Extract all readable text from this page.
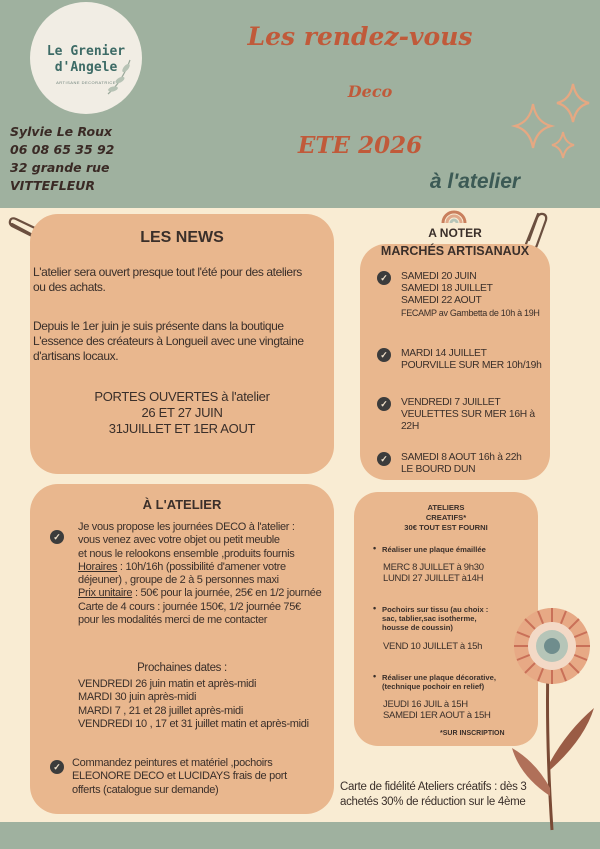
Le Grenier
d'Angele
ARTISANE DECORATRICE
Les rendez-vous
Deco
ETE 2026
à l'atelier
Sylvie Le Roux
06 08 65 35 92
32 grande rue
VITTEFLEUR
LES NEWS
L'atelier sera ouvert presque tout l'été pour des ateliers
ou des achats.
Depuis le 1er juin je suis présente dans la boutique
L'essence des créateurs à Longueil avec une vingtaine
d'artisans locaux.
PORTES OUVERTES à l'atelier
26 ET 27 JUIN
31JUILLET ET 1ER AOUT
A NOTER
MARCHÉS ARTISANAUX
✓	SAMEDI 20 JUIN
SAMEDI 18 JUILLET
SAMEDI 22 AOUT
FECAMP av Gambetta de 10h à 19H
✓	MARDI 14 JUILLET
POURVILLE SUR MER 10h/19h
✓	VENDREDI 7 JUILLET
VEULETTES SUR MER 16H à 22H
✓	SAMEDI 8 AOUT 16h à 22h
LE BOURD DUN
À L'ATELIER
✓
Je vous propose les journées DECO à l'atelier :
vous venez avec votre objet ou petit meuble
et nous le relookons ensemble ,produits fournis
Horaires : 10h/16h (possibilité d'amener votre
déjeuner) , groupe de 2 à 5 personnes maxi
Prix unitaire : 50€ pour la journée, 25€ en 1/2 journée
Carte de 4 cours : journée 150€, 1/2 journée 75€
pour les modalités merci de me contacter
Prochaines dates :
VENDREDI 26 juin matin et après-midi
MARDI 30 juin après-midi
MARDI 7 , 21 et 28 juillet après-midi
VENDREDI 10 , 17 et 31 juillet matin et après-midi
✓ Commandez peintures et matériel ,pochoirs
ELEONORE DECO et LUCIDAYS frais de port
offerts (catalogue sur demande)
ATELIERS
CREATIFS*
30€ TOUT EST FOURNI
• Réaliser une plaque émaillée
MERC 8 JUILLET à 9h30
LUNDI 27 JUILLET à14H
• Pochoirs sur tissu (au choix :
sac, tablier,sac isotherme,
housse de coussin)
VEND 10 JUILLET à 15h
• Réaliser une plaque décorative,
(technique pochoir en relief)
JEUDI 16 JUIL à 15H
SAMEDI 1ER AOUT à 15H
*SUR INSCRIPTION
Carte de fidélité Ateliers créatifs : dès 3
achetés 30% de réduction sur le 4ème
